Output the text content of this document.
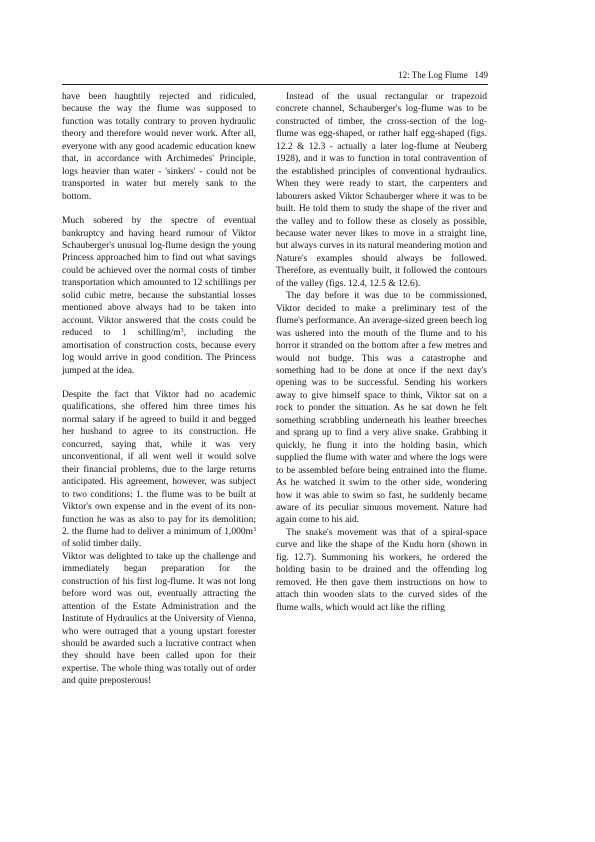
12: The Log Flume 149

have been haughtily rejected and ridiculed, because the way the flume was supposed to function was totally contrary to proven hydraulic theory and therefore would never work. After all, everyone with any good academic education knew that, in accordance with Archimedes' Principle, logs heavier than water - 'sinkers' - could not be transported in water but merely sank to the bottom.

Much sobered by the spectre of eventual bankruptcy and having heard rumour of Viktor Schauberger's unusual log-flume design the young Princess approached him to find out what savings could be achieved over the normal costs of timber transportation which amounted to 12 schillings per solid cubic metre, because the substantial losses mentioned above always had to be taken into account. Viktor answered that the costs could be reduced to 1 schilling/$m^3$, including the amortisation of construction costs, because every log would arrive in good condition. The Princess jumped at the idea.

Despite the fact that Viktor had no academic qualifications, she offered him three times his normal salary if he agreed to build it and begged her husband to agree to its construction. He concurred, saying that, while it was very unconventional, if all went well it would solve their financial problems, due to the large returns anticipated. His agreement, however, was subject to two conditions: 1. the flume was to be built at Viktor's own expense and in the event of its non-function he was as also to pay for its demolition; 2. the flume had to deliver a minimum of $1,000m^3$ of solid timber daily.

Viktor was delighted to take up the challenge and immediately began preparation for the construction of his first log-flume. It was not long before word was out, eventually attracting the attention of the Estate Administration and the Institute of Hydraulics at the University of Vienna, who were outraged that a young upstart forester should be awarded such a lucrative contract when they should have been called upon for their expertise. The whole thing was totally out of order and quite preposterous!

Instead of the usual rectangular or trapezoid concrete channel, Schauberger's log-flume was to be constructed of timber, the cross-section of the log-flume was egg-shaped, or rather half egg-shaped (figs. 12.2 & 12.3 - actually a later log-flume at Neuberg 1928), and it was to function in total contravention of the established principles of conventional hydraulics. When they were ready to start, the carpenters and labourers asked Viktor Schauberger where it was to be built. He told them to study the shape of the river and the valley and to follow these as closely as possible, because water never likes to move in a straight line, but always curves in its natural meandering motion and Nature's examples should always be followed. Therefore, as eventually built, it followed the contours of the valley (figs. 12.4, 12.5 & 12.6).

The day before it was due to be commissioned, Viktor decided to make a preliminary test of the flume's performance. An average-sized green beech log was ushered into the mouth of the flume and to his horror it stranded on the bottom after a few metres and would not budge. This was a catastrophe and something had to be done at once if the next day's opening was to be successful. Sending his workers away to give himself space to think, Viktor sat on a rock to ponder the situation. As he sat down he felt something scrabbling underneath his leather breeches and sprang up to find a very alive snake. Grabbing it quickly, he flung it into the holding basin, which supplied the flume with water and where the logs were to be assembled before being entrained into the flume. As he watched it swim to the other side, wondering how it was able to swim so fast, he suddenly became aware of its peculiar sinuous movement. Nature had again come to his aid.

The snake's movement was that of a spiral-space curve and like the shape of the Kudu horn (shown in fig. 12.7). Summoning his workers, he ordered the holding basin to be drained and the offending log removed. He then gave them instructions on how to attach thin wooden slats to the curved sides of the flume walls, which would act like the rifling
